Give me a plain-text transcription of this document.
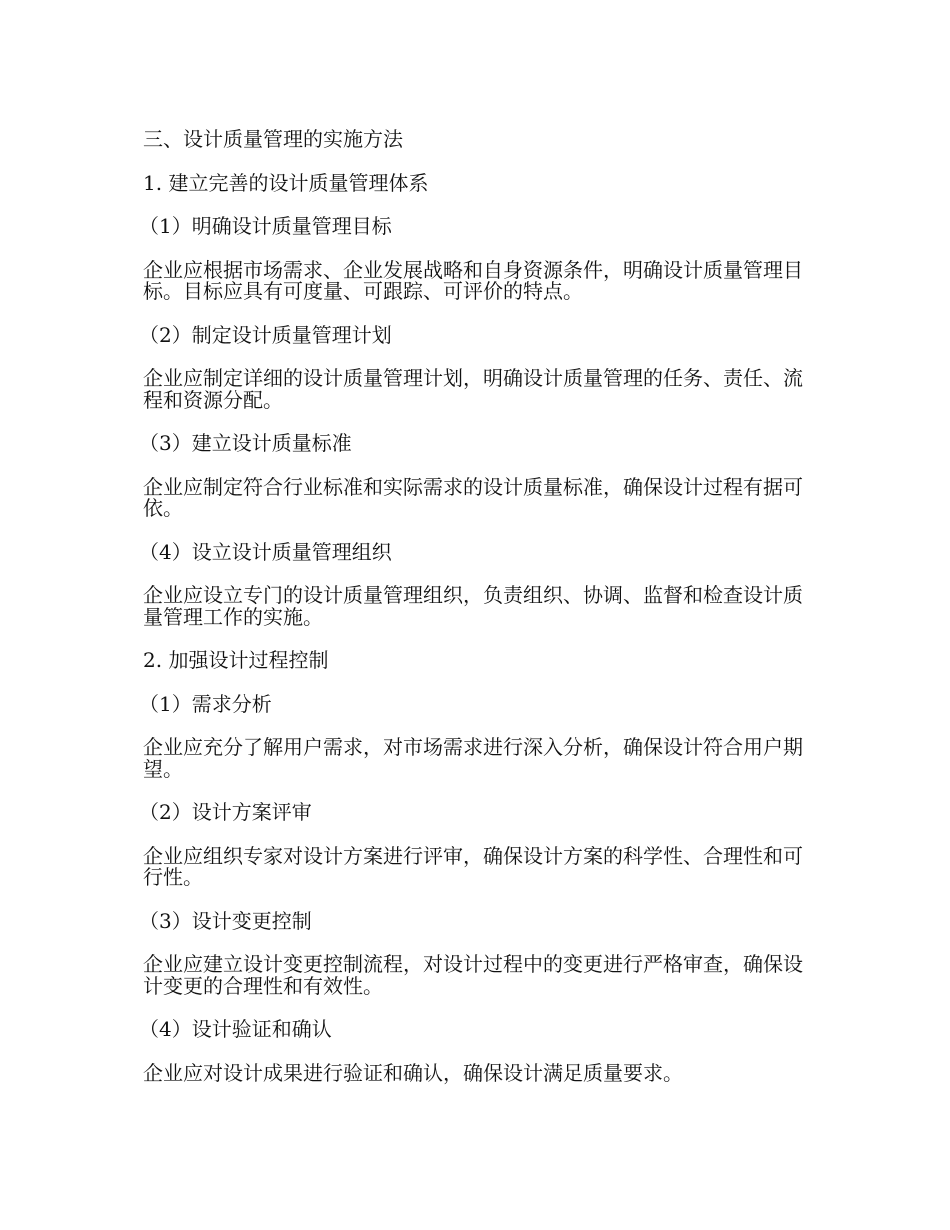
三、设计质量管理的实施方法

1. 建立完善的设计质量管理体系

（1）明确设计质量管理目标

企业应根据市场需求、企业发展战略和自身资源条件，明确设计质量管理目标。目标应具有可度量、可跟踪、可评价的特点。

（2）制定设计质量管理计划

企业应制定详细的设计质量管理计划，明确设计质量管理的任务、责任、流程和资源分配。

（3）建立设计质量标准

企业应制定符合行业标准和实际需求的设计质量标准，确保设计过程有据可依。

（4）设立设计质量管理组织

企业应设立专门的设计质量管理组织，负责组织、协调、监督和检查设计质量管理工作的实施。

2. 加强设计过程控制

（1）需求分析

企业应充分了解用户需求，对市场需求进行深入分析，确保设计符合用户期望。

（2）设计方案评审

企业应组织专家对设计方案进行评审，确保设计方案的科学性、合理性和可行性。

（3）设计变更控制

企业应建立设计变更控制流程，对设计过程中的变更进行严格审查，确保设计变更的合理性和有效性。

（4）设计验证和确认

企业应对设计成果进行验证和确认，确保设计满足质量要求。
